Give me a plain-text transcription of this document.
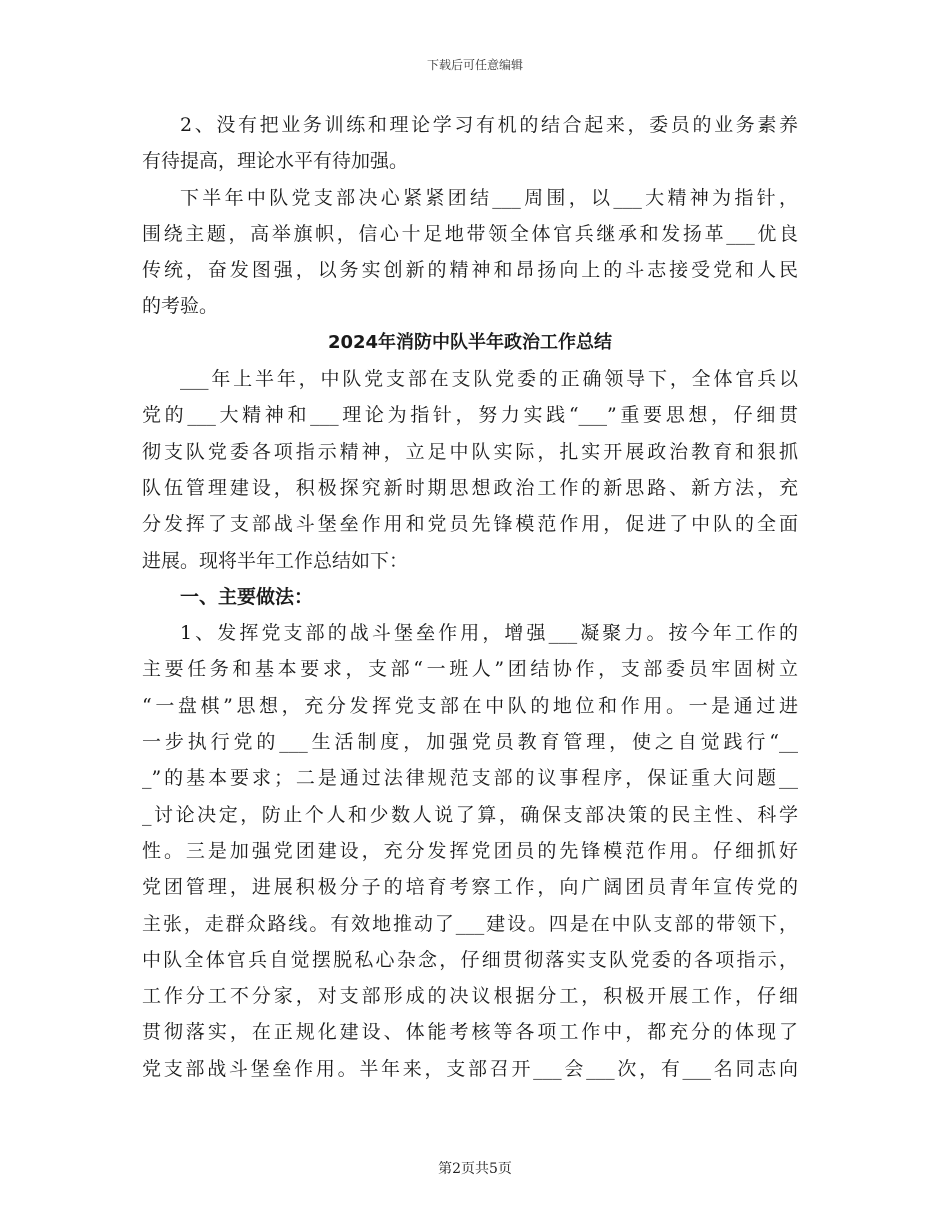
下载后可任意编辑
2、没有把业务训练和理论学习有机的结合起来，委员的业务素养
有待提高，理论水平有待加强。
下半年中队党支部决心紧紧团结___周围，以___大精神为指针，
围绕主题，高举旗帜，信心十足地带领全体官兵继承和发扬革___优良
传统，奋发图强，以务实创新的精神和昂扬向上的斗志接受党和人民
的考验。
2024年消防中队半年政治工作总结
___年上半年，中队党支部在支队党委的正确领导下，全体官兵以
党的___大精神和___理论为指针，努力实践“___”重要思想，仔细贯
彻支队党委各项指示精神，立足中队实际，扎实开展政治教育和狠抓
队伍管理建设，积极探究新时期思想政治工作的新思路、新方法，充
分发挥了支部战斗堡垒作用和党员先锋模范作用，促进了中队的全面
进展。现将半年工作总结如下：
一、主要做法：
1、发挥党支部的战斗堡垒作用，增强___凝聚力。按今年工作的
主要任务和基本要求，支部“一班人”团结协作，支部委员牢固树立
“一盘棋”思想，充分发挥党支部在中队的地位和作用。一是通过进
一步执行党的___生活制度，加强党员教育管理，使之自觉践行“__
_”的基本要求；二是通过法律规范支部的议事程序，保证重大问题__
_讨论决定，防止个人和少数人说了算，确保支部决策的民主性、科学
性。三是加强党团建设，充分发挥党团员的先锋模范作用。仔细抓好
党团管理，进展积极分子的培育考察工作，向广阔团员青年宣传党的
主张，走群众路线。有效地推动了___建设。四是在中队支部的带领下，
中队全体官兵自觉摆脱私心杂念，仔细贯彻落实支队党委的各项指示，
工作分工不分家，对支部形成的决议根据分工，积极开展工作，仔细
贯彻落实，在正规化建设、体能考核等各项工作中，都充分的体现了
党支部战斗堡垒作用。半年来，支部召开___会___次，有___名同志向
第2页共5页
